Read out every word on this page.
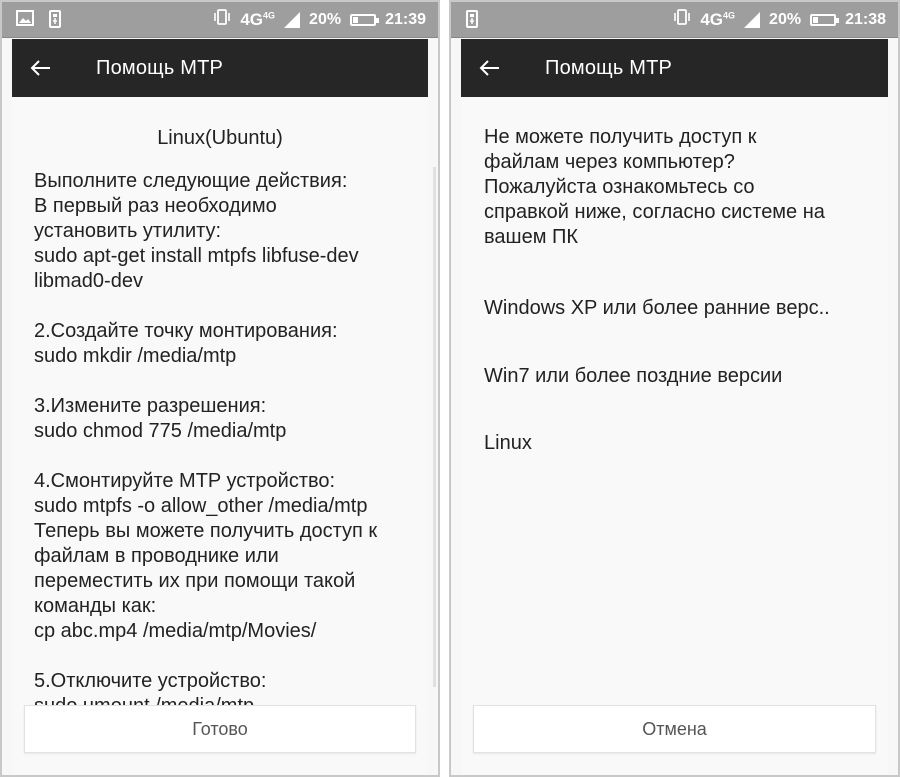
$4G^{4G}$ 20%	21:39
Помощь MTP
Linux(Ubuntu)
Выполните следующие действия:
В первый раз необходимо
установить утилиту:
sudo apt-get install mtpfs libfuse-dev
libmad0-dev

2.Создайте точку монтирования:
sudo mkdir /media/mtp

3.Измените разрешения:
sudo chmod 775 /media/mtp

4.Смонтируйте MTP устройство:
sudo mtpfs -o allow_other /media/mtp
Теперь вы можете получить доступ к
файлам в проводнике или
переместить их при помощи такой
команды как:
cp abc.mp4 /media/mtp/Movies/

5.Отключите устройство:

Готово
$4G^{4G}$ 20%	21:38
Помощь MTP
Не можете получить доступ к
файлам через компьютер?
Пожалуйста ознакомьтесь со
справкой ниже, согласно системе на
вашем ПК
Windows XP или более ранние верс..
Win7 или более поздние версии
Linux
Отмена
